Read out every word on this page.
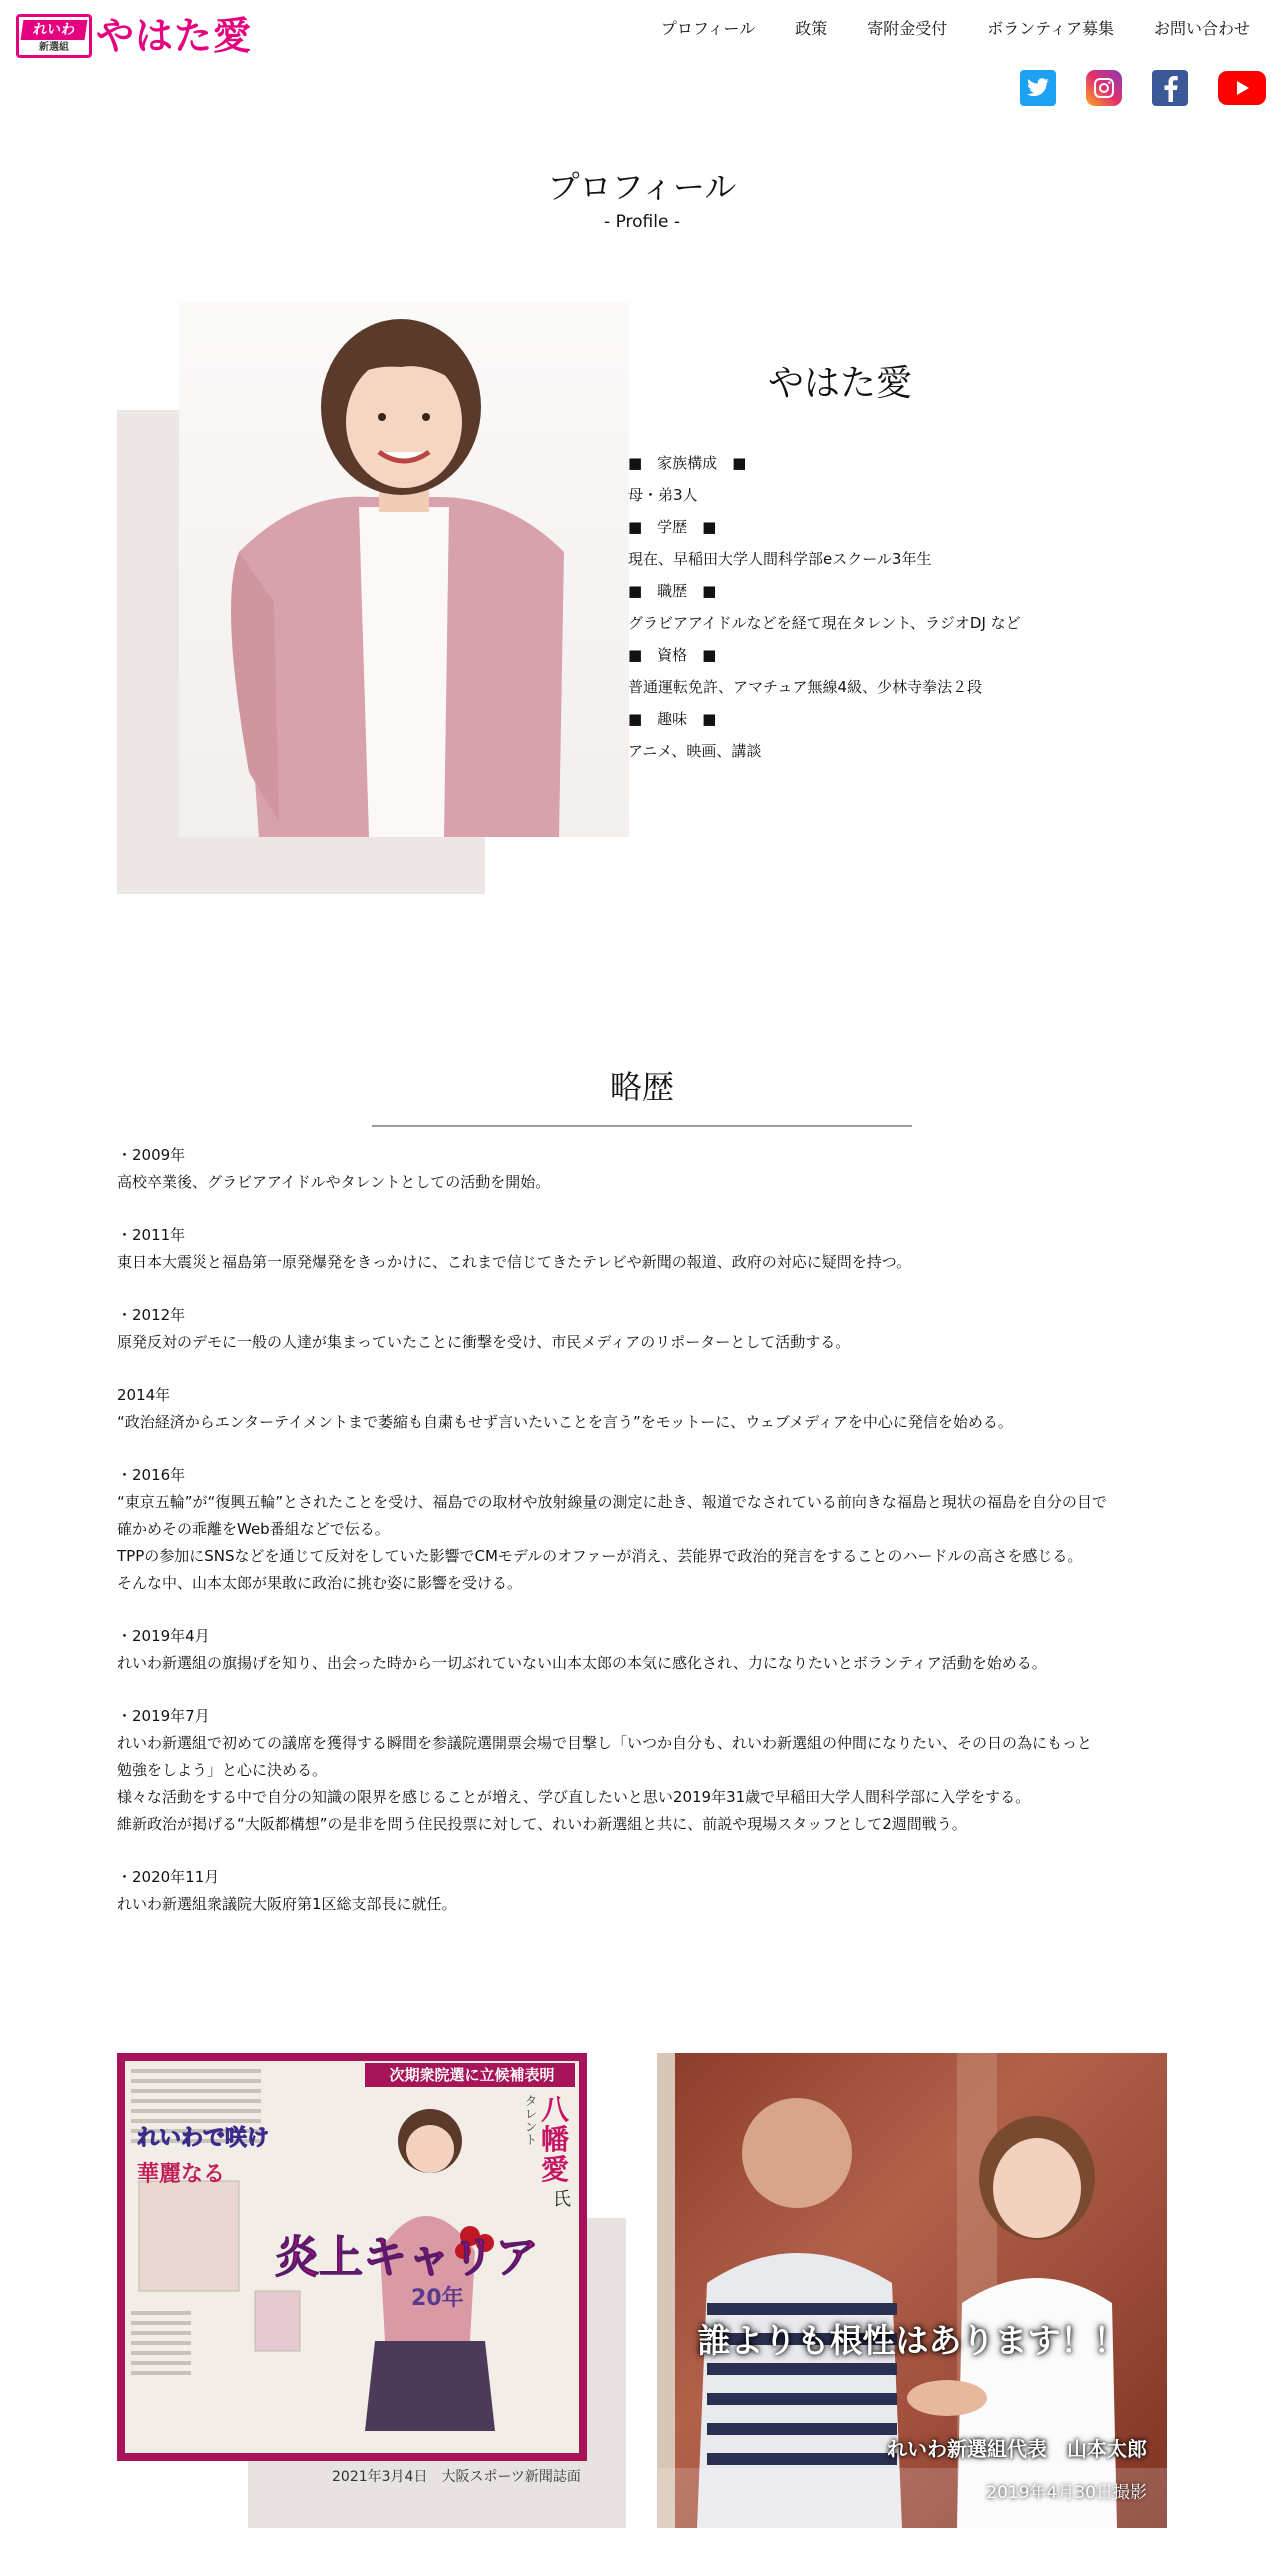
れいわ
新選組 やはた愛	プロフィール	政策	寄附金受付	ボランティア募集	お問い合わせ
プロフィール
- Profile -
やはた愛
■　家族構成　■
母・弟3人
■　学歴　■
現在、早稲田大学人間科学部eスクール3年生
■　職歴　■
グラビアアイドルなどを経て現在タレント、ラジオDJ など
■　資格　■
普通運転免許、アマチュア無線4級、少林寺拳法２段
■　趣味　■
アニメ、映画、講談
略歴
・2009年
高校卒業後、グラビアアイドルやタレントとしての活動を開始。
・2011年
東日本大震災と福島第一原発爆発をきっかけに、これまで信じてきたテレビや新聞の報道、政府の対応に疑問を持つ。
・2012年
原発反対のデモに一般の人達が集まっていたことに衝撃を受け、市民メディアのリポーターとして活動する。
2014年
“政治経済からエンターテイメントまで萎縮も自粛もせず言いたいことを言う”をモットーに、ウェブメディアを中心に発信を始める。
・2016年
“東京五輪”が“復興五輪”とされたことを受け、福島での取材や放射線量の測定に赴き、報道でなされている前向きな福島と現状の福島を自分の目で
確かめその乖離をWeb番組などで伝る。
TPPの参加にSNSなどを通じて反対をしていた影響でCMモデルのオファーが消え、芸能界で政治的発言をすることのハードルの高さを感じる。
そんな中、山本太郎が果敢に政治に挑む姿に影響を受ける。
・2019年4月
れいわ新選組の旗揚げを知り、出会った時から一切ぶれていない山本太郎の本気に感化され、力になりたいとボランティア活動を始める。
・2019年7月
れいわ新選組で初めての議席を獲得する瞬間を参議院選開票会場で目撃し「いつか自分も、れいわ新選組の仲間になりたい、その日の為にもっと
勉強をしよう」と心に決める。
様々な活動をする中で自分の知識の限界を感じることが増え、学び直したいと思い2019年31歳で早稲田大学人間科学部に入学をする。
維新政治が掲げる“大阪都構想”の是非を問う住民投票に対して、れいわ新選組と共に、前説や現場スタッフとして2週間戦う。
・2020年11月
れいわ新選組衆議院大阪府第1区総支部長に就任。
次期衆院選に立候補表明
れいわで咲け
華麗なる
炎上キャリア
20年
タレント
八幡愛
氏
2021年3月4日　大阪スポーツ新聞誌面
誰よりも根性はあります！！
れいわ新選組代表　山本太郎
2019年4月30日撮影
